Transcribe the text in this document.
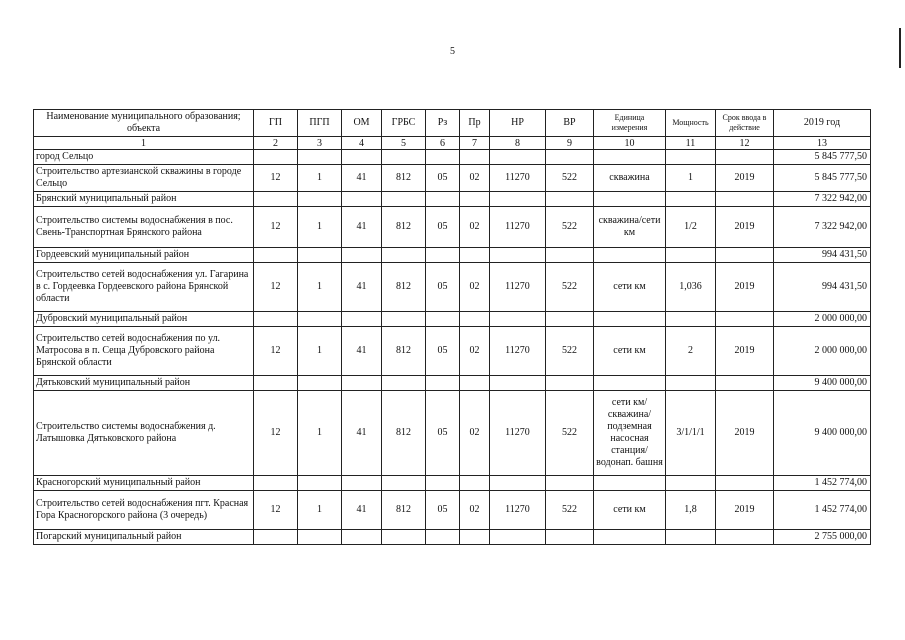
5
Наименование муниципального образования; объекта	ГП	ПГП	ОМ	ГРБС	Рз	Пр	НР	ВР	Единица измерения	Мощность	Срок ввода в действие	2019 год
1	2	3	4	5	6	7	8	9	10	11	12	13
город Сельцо												5 845 777,50
Строительство артезианской скважины в городе Сельцо	12	1	41	812	05	02	11270	522	скважина	1	2019	5 845 777,50
Брянский муниципальный район												7 322 942,00
Строительство системы водоснабжения в пос. Свень-Транспортная Брянского района	12	1	41	812	05	02	11270	522	скважина/сети км	1/2	2019	7 322 942,00
Гордеевский муниципальный район												994 431,50
Строительство сетей водоснабжения ул. Гагарина в с. Гордеевка Гордеевского района Брянской области	12	1	41	812	05	02	11270	522	сети км	1,036	2019	994 431,50
Дубровский муниципальный район												2 000 000,00
Строительство сетей водоснабжения по ул. Матросова в п. Сеща Дубровского района Брянской области	12	1	41	812	05	02	11270	522	сети км	2	2019	2 000 000,00
Дятьковский муниципальный район												9 400 000,00
Строительство системы водоснабжения д. Латышовка Дятьковского района	12	1	41	812	05	02	11270	522	сети км/скважина/ подземная насосная станция/ водонап. башня	3/1/1/1	2019	9 400 000,00
Красногорский муниципальный район												1 452 774,00
Строительство сетей водоснабжения пгт. Красная Гора Красногорского района (3 очередь)	12	1	41	812	05	02	11270	522	сети км	1,8	2019	1 452 774,00
Погарский муниципальный район												2 755 000,00
